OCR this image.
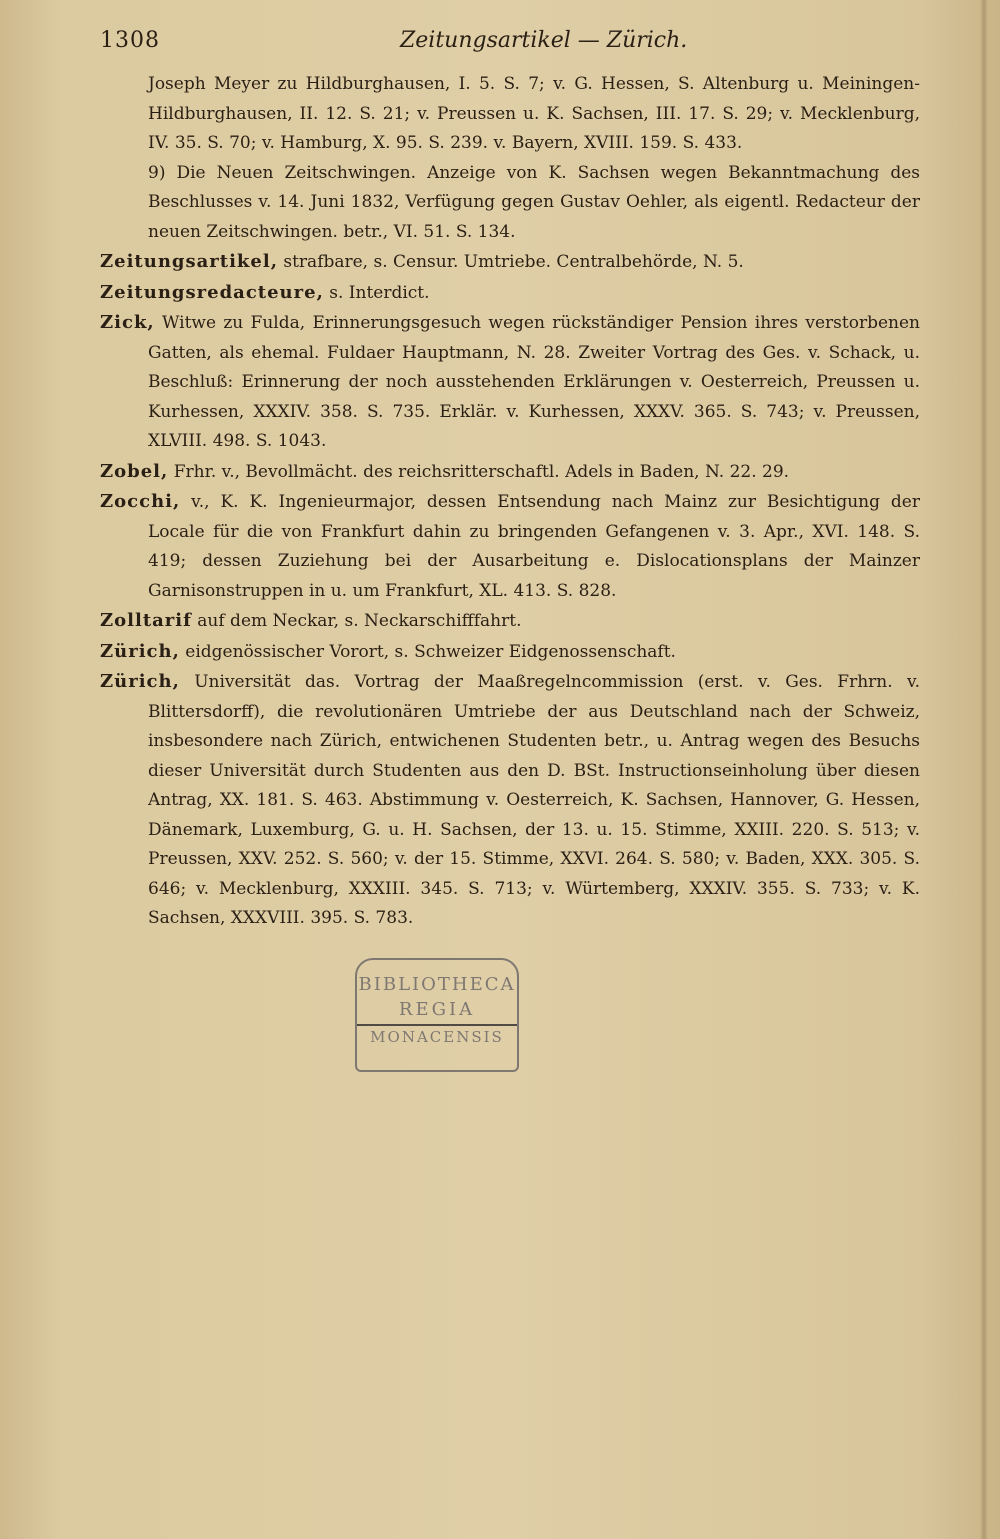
1308	Zeitungsartikel — Zürich.

Joseph Meyer zu Hildburghausen, I. 5. S. 7; v. G. Hessen, S. Altenburg u. Meiningen-Hildburghausen, II. 12. S. 21; v. Preussen u. K. Sachsen, III. 17. S. 29; v. Mecklenburg, IV. 35. S. 70; v. Hamburg, X. 95. S. 239. v. Bayern, XVIII. 159. S. 433.

9) Die Neuen Zeitschwingen. Anzeige von K. Sachsen wegen Bekanntmachung des Beschlusses v. 14. Juni 1832, Verfügung gegen Gustav Oehler, als eigentl. Redacteur der neuen Zeitschwingen. betr., VI. 51. S. 134.

Zeitungsartikel, strafbare, s. Censur. Umtriebe. Centralbehörde, N. 5.

Zeitungsredacteure, s. Interdict.

Zick, Witwe zu Fulda, Erinnerungsgesuch wegen rückständiger Pension ihres verstorbenen Gatten, als ehemal. Fuldaer Hauptmann, N. 28. Zweiter Vortrag des Ges. v. Schack, u. Beschluß: Erinnerung der noch ausstehenden Erklärungen v. Oesterreich, Preussen u. Kurhessen, XXXIV. 358. S. 735. Erklär. v. Kurhessen, XXXV. 365. S. 743; v. Preussen, XLVIII. 498. S. 1043.

Zobel, Frhr. v., Bevollmächt. des reichsritterschaftl. Adels in Baden, N. 22. 29.

Zocchi, v., K. K. Ingenieurmajor, dessen Entsendung nach Mainz zur Besichtigung der Locale für die von Frankfurt dahin zu bringenden Gefangenen v. 3. Apr., XVI. 148. S. 419; dessen Zuziehung bei der Ausarbeitung e. Dislocationsplans der Mainzer Garnisonstruppen in u. um Frankfurt, XL. 413. S. 828.

Zolltarif auf dem Neckar, s. Neckarschifffahrt.

Zürich, eidgenössischer Vorort, s. Schweizer Eidgenossenschaft.

Zürich, Universität das. Vortrag der Maaßregelncommission (erst. v. Ges. Frhrn. v. Blittersdorff), die revolutionären Umtriebe der aus Deutschland nach der Schweiz, insbesondere nach Zürich, entwichenen Studenten betr., u. Antrag wegen des Besuchs dieser Universität durch Studenten aus den D. BSt. Instructionseinholung über diesen Antrag, XX. 181. S. 463. Abstimmung v. Oesterreich, K. Sachsen, Hannover, G. Hessen, Dänemark, Luxemburg, G. u. H. Sachsen, der 13. u. 15. Stimme, XXIII. 220. S. 513; v. Preussen, XXV. 252. S. 560; v. der 15. Stimme, XXVI. 264. S. 580; v. Baden, XXX. 305. S. 646; v. Mecklenburg, XXXIII. 345. S. 713; v. Würtemberg, XXXIV. 355. S. 733; v. K. Sachsen, XXXVIII. 395. S. 783.

BIBLIOTHECA
REGIA
MONACENSIS
